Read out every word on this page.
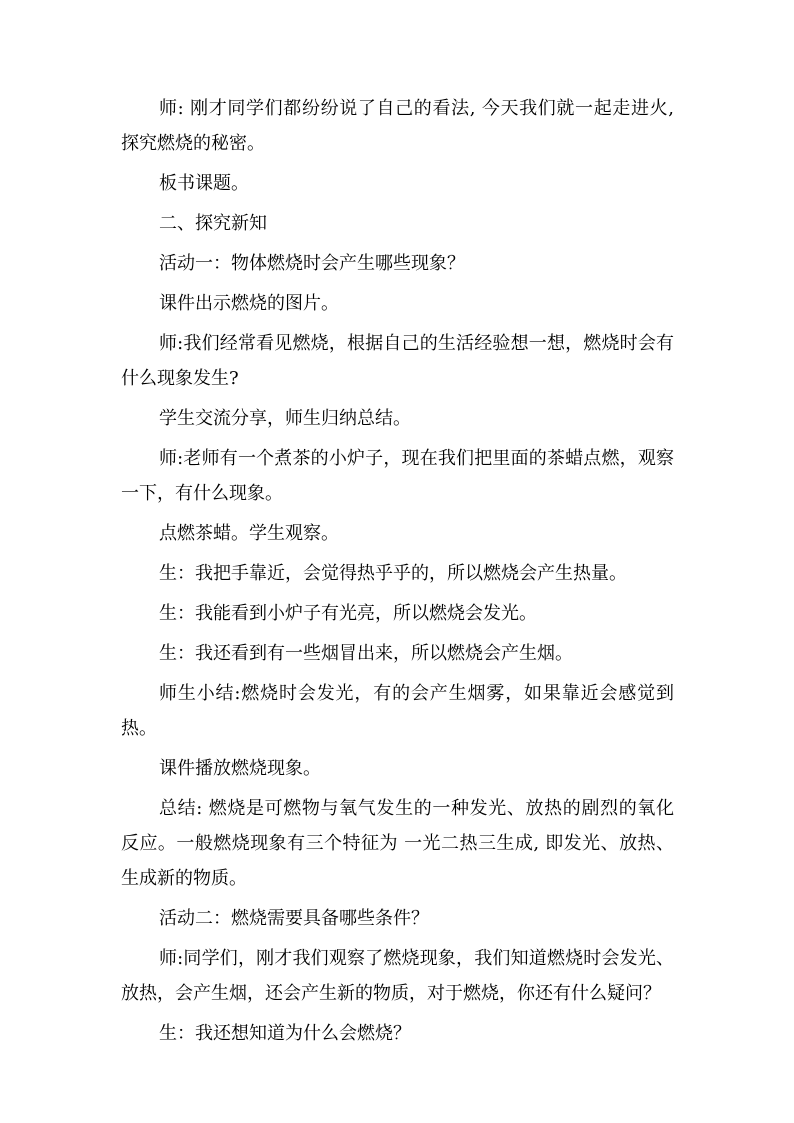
师: 刚才同学们都纷纷说了自己的看法, 今天我们就一起走进火, 探究燃烧的秘密。

板书课题。

二、探究新知

活动一：物体燃烧时会产生哪些现象？

课件出示燃烧的图片。

师:我们经常看见燃烧，根据自己的生活经验想一想，燃烧时会有什么现象发生?

学生交流分享，师生归纳总结。

师:老师有一个煮茶的小炉子，现在我们把里面的茶蜡点燃，观察一下，有什么现象。

点燃茶蜡。学生观察。

生：我把手靠近，会觉得热乎乎的，所以燃烧会产生热量。

生：我能看到小炉子有光亮，所以燃烧会发光。

生：我还看到有一些烟冒出来，所以燃烧会产生烟。

师生小结:燃烧时会发光，有的会产生烟雾，如果靠近会感觉到热。

课件播放燃烧现象。

总结: 燃烧是可燃物与氧气发生的一种发光、放热的剧烈的氧化反应。一般燃烧现象有三个特征为 一光二热三生成, 即发光、放热、生成新的物质。

活动二：燃烧需要具备哪些条件？

师:同学们，刚才我们观察了燃烧现象，我们知道燃烧时会发光、放热，会产生烟，还会产生新的物质，对于燃烧，你还有什么疑问？

生：我还想知道为什么会燃烧？
